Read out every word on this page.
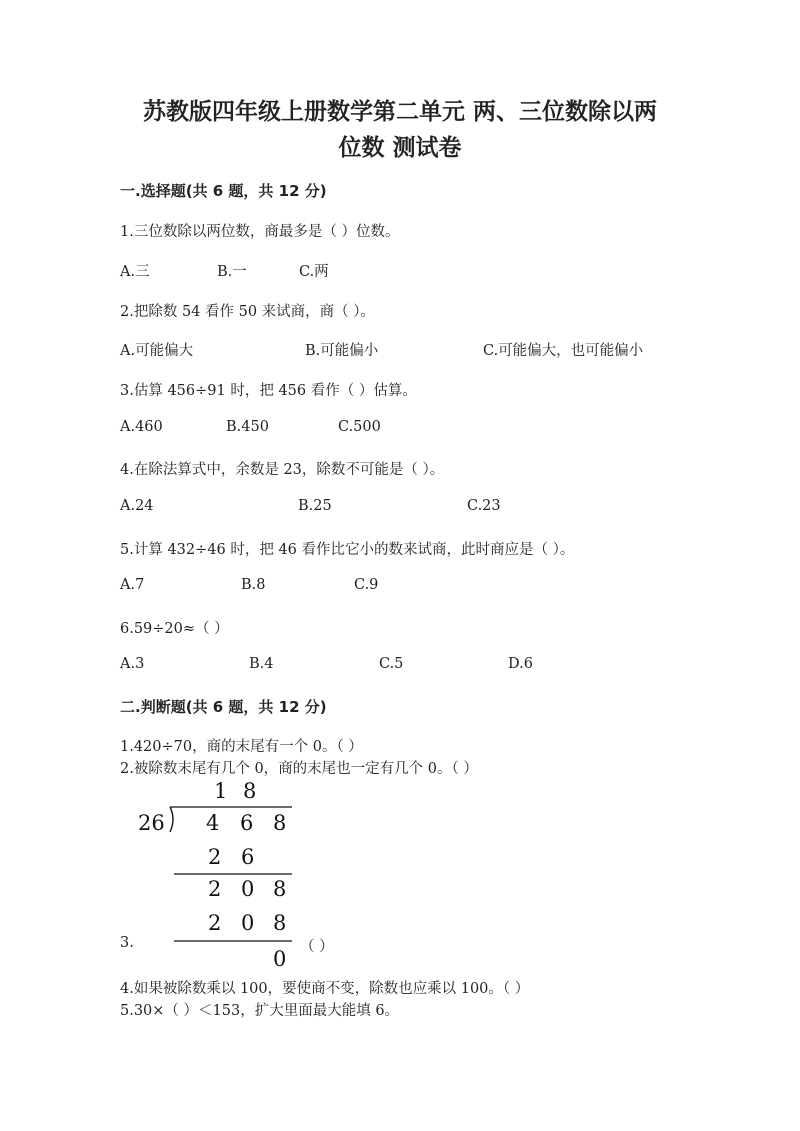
苏教版四年级上册数学第二单元 两、三位数除以两
位数 测试卷
一.选择题(共 6 题，共 12 分)
1.三位数除以两位数，商最多是（ ）位数。
A.三	B.一	C.两
2.把除数 54 看作 50 来试商，商（ ）。
A.可能偏大	B.可能偏小	C.可能偏大，也可能偏小
3.估算 456÷91 时，把 456 看作（ ）估算。
A.460	B.450	C.500
4.在除法算式中，余数是 23，除数不可能是（ ）。
A.24	B.25	C.23
5.计算 432÷46 时，把 46 看作比它小的数来试商，此时商应是（ ）。
A.7	B.8	C.9
6.59÷20≈（ ）
A.3	B.4	C.5	D.6
二.判断题(共 6 题，共 12 分)
1.420÷70，商的末尾有一个 0。（ ）
2.被除数末尾有几个 0，商的末尾也一定有几个 0。（ ）
1 8
26 4 6 8
2 6
2 0 8
2 0 8
0
3.	（ ）
4.如果被除数乘以 100，要使商不变，除数也应乘以 100。（ ）
5.30×（ ）＜153，扩大里面最大能填 6。
